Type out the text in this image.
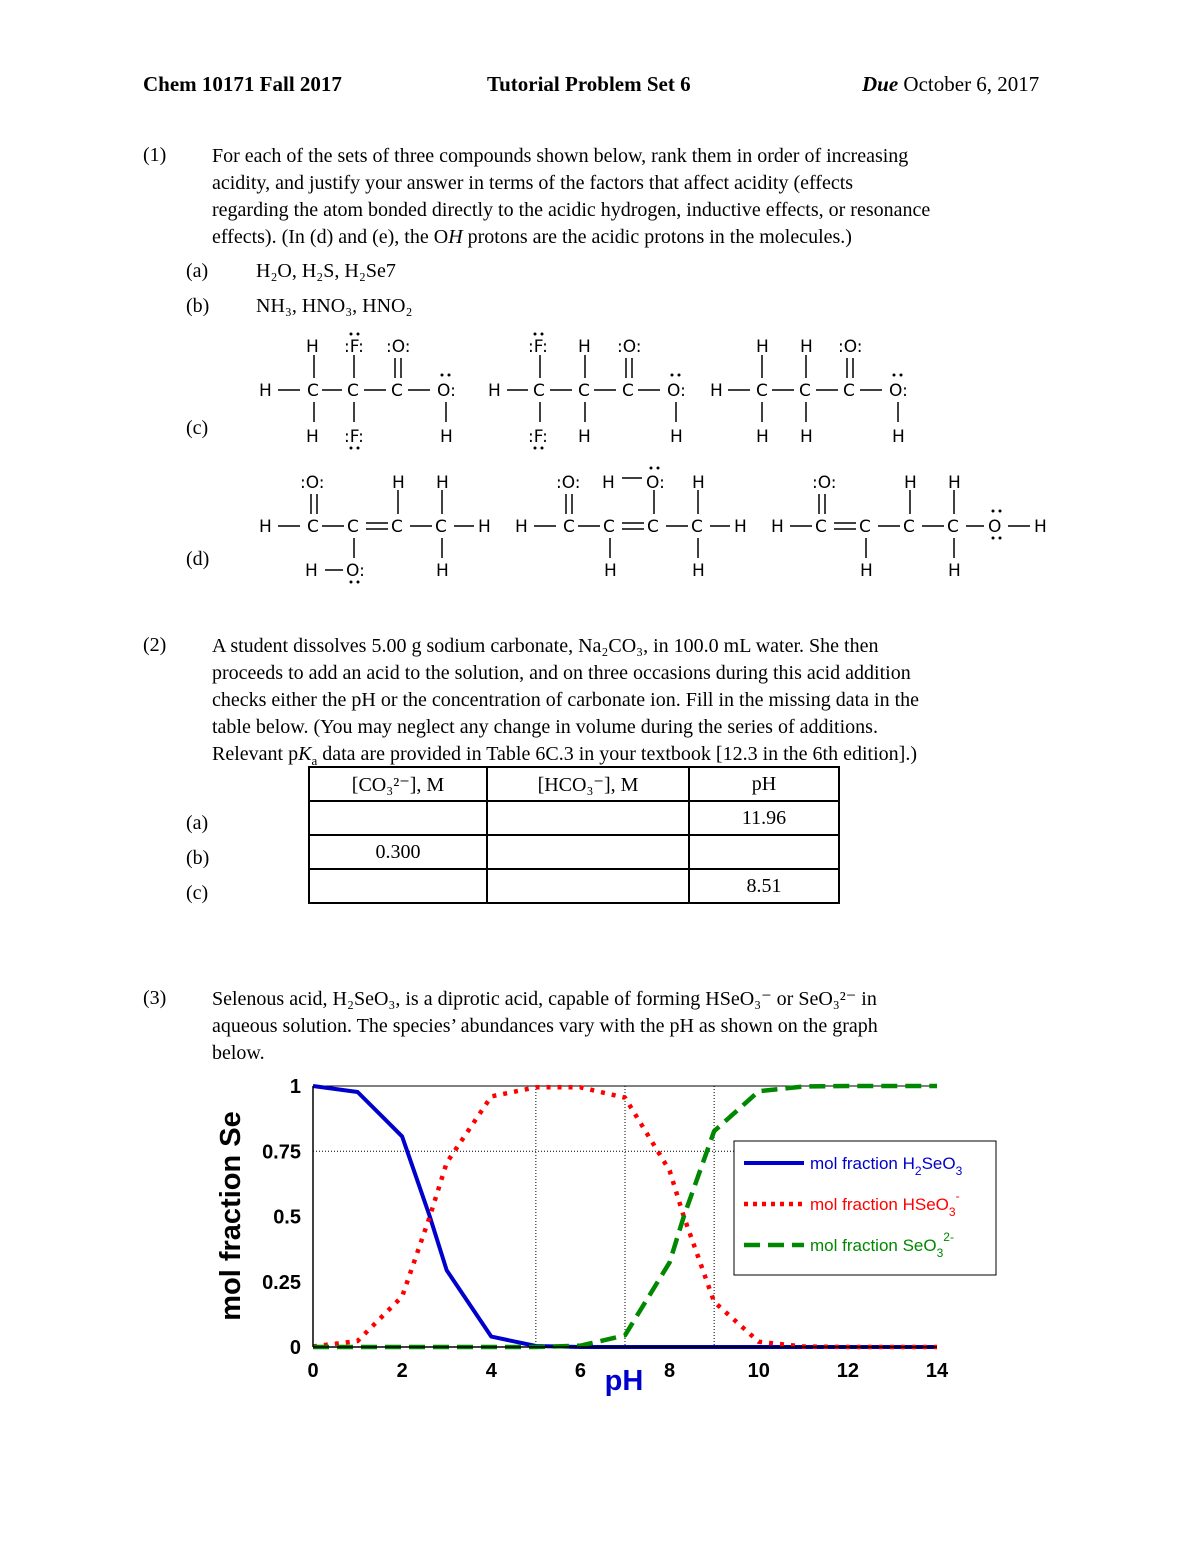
Chem 10171 Fall 2017	Tutorial Problem Set 6	Due October 6, 2017
(1) For each of the sets of three compounds shown below, rank them in order of increasing
acidity, and justify your answer in terms of the factors that affect acidity (effects
regarding the atom bonded directly to the acidic hydrogen, inductive effects, or resonance
effects). (In (d) and (e), the OH protons are the acidic protons in the molecules.)
(a) H₂O, H₂S, H₂Se7
(b) NH₃, HNO₃, HNO₂
(c)
(d)
H :F: :O:
H C C C O:
H :F:	H
:F: H :O:
H C C C O:
:F: H	H
H H :O:
H C C C O:
H H	H
:O:	H H
H C C C C H
H O:	H
:O: H O: H
H C C C C H
H	H
:O:	H H
H C C C C O H
H	H
(2) A student dissolves 5.00 g sodium carbonate, Na₂CO₃, in 100.0 mL water. She then
proceeds to add an acid to the solution, and on three occasions during this acid addition
checks either the pH or the concentration of carbonate ion. Fill in the missing data in the
table below. (You may neglect any change in volume during the series of additions.
Relevant $pK_a$ data are provided in Table 6C.3 in your textbook [12.3 in the 6th edition].)
[CO₃²⁻], M	[HCO₃⁻], M	pH
		11.96
0.300		
		8.51
(a)
(b)
(c)
(3) Selenous acid, H₂SeO₃, is a diprotic acid, capable of forming HSeO₃⁻ or SeO₃²⁻ in
aqueous solution. The species’ abundances vary with the pH as shown on the graph
below.
0	2	4	6	8	10	12	14
0
0.25
0.5
0.75
1
pH
mol fraction Se	mol fraction $H_2SeO_3$
mol fraction HSeO$_3$-
mol fraction SeO$_3^{2-}$
